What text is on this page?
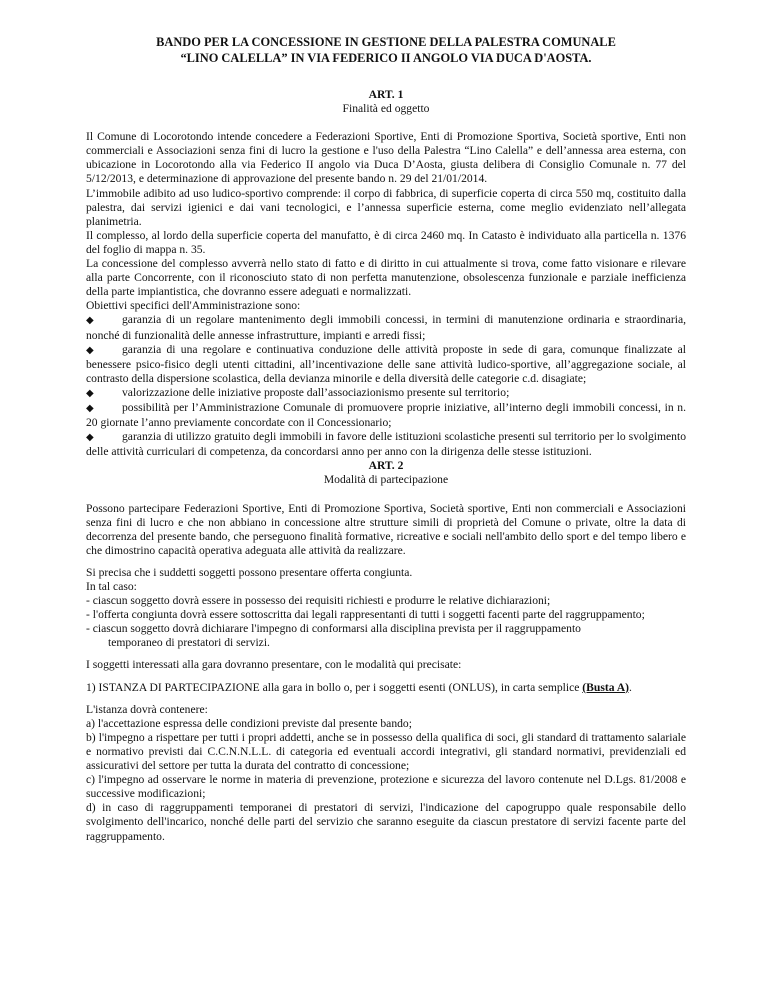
BANDO PER LA CONCESSIONE IN GESTIONE DELLA PALESTRA COMUNALE

“LINO CALELLA” IN VIA FEDERICO II ANGOLO VIA DUCA D'AOSTA.

ART. 1

Finalità ed oggetto

Il Comune di Locorotondo intende concedere a Federazioni Sportive, Enti di Promozione Sportiva, Società sportive, Enti non commerciali e Associazioni senza fini di lucro la gestione e l'uso della Palestra “Lino Calella” e dell’annessa area esterna, con ubicazione in Locorotondo alla via Federico II angolo via Duca D’Aosta, giusta delibera di Consiglio Comunale n. 77 del 5/12/2013, e determinazione di approvazione del presente bando n. 29 del 21/01/2014.

L’immobile adibito ad uso ludico-sportivo comprende: il corpo di fabbrica, di superficie coperta di circa 550 mq, costituito dalla palestra, dai servizi igienici e dai vani tecnologici, e l’annessa superficie esterna, come meglio evidenziato nell’allegata planimetria.

Il complesso, al lordo della superficie coperta del manufatto, è di circa 2460 mq. In Catasto è individuato alla particella n. 1376 del foglio di mappa n. 35.

La concessione del complesso avverrà nello stato di fatto e di diritto in cui attualmente si trova, come fatto visionare e rilevare alla parte Concorrente, con il riconosciuto stato di non perfetta manutenzione, obsolescenza funzionale e parziale inefficienza della parte impiantistica, che dovranno essere adeguati e normalizzati.

Obiettivi specifici dell'Amministrazione sono:

◆ garanzia di un regolare mantenimento degli immobili concessi, in termini di manutenzione ordinaria e straordinaria, nonché di funzionalità delle annesse infrastrutture, impianti e arredi fissi;

◆ garanzia di una regolare e continuativa conduzione delle attività proposte in sede di gara, comunque finalizzate al benessere psico-fisico degli utenti cittadini, all’incentivazione delle sane attività ludico-sportive, all’aggregazione sociale, al contrasto della dispersione scolastica, della devianza minorile e della diversità delle categorie c.d. disagiate;

◆ valorizzazione delle iniziative proposte dall’associazionismo presente sul territorio;

◆ possibilità per l’Amministrazione Comunale di promuovere proprie iniziative, all’interno degli immobili concessi, in n. 20 giornate l’anno previamente concordate con il Concessionario;

◆ garanzia di utilizzo gratuito degli immobili in favore delle istituzioni scolastiche presenti sul territorio per lo svolgimento delle attività curriculari di competenza, da concordarsi anno per anno con la dirigenza delle stesse istituzioni.

ART. 2

Modalità di partecipazione

Possono partecipare Federazioni Sportive, Enti di Promozione Sportiva, Società sportive, Enti non commerciali e Associazioni senza fini di lucro e che non abbiano in concessione altre strutture simili di proprietà del Comune o private, oltre la data di decorrenza del presente bando, che perseguono finalità formative, ricreative e sociali nell'ambito dello sport e del tempo libero e che dimostrino capacità operativa adeguata alle attività da realizzare.

Si precisa che i suddetti soggetti possono presentare offerta congiunta.

In tal caso:

- ciascun soggetto dovrà essere in possesso dei requisiti richiesti e produrre le relative dichiarazioni;

- l'offerta congiunta dovrà essere sottoscritta dai legali rappresentanti di tutti i soggetti facenti parte del raggruppamento;

- ciascun soggetto dovrà dichiarare l'impegno di conformarsi alla disciplina prevista per il raggruppamento

temporaneo di prestatori di servizi.

I soggetti interessati alla gara dovranno presentare, con le modalità qui precisate:

1) ISTANZA DI PARTECIPAZIONE alla gara in bollo o, per i soggetti esenti (ONLUS), in carta semplice (Busta A).

L'istanza dovrà contenere:

a) l'accettazione espressa delle condizioni previste dal presente bando;

b) l'impegno a rispettare per tutti i propri addetti, anche se in possesso della qualifica di soci, gli standard di trattamento salariale e normativo previsti dai C.C.N.N.L.L. di categoria ed eventuali accordi integrativi, gli standard normativi, previdenziali ed assicurativi del settore per tutta la durata del contratto di concessione;

c) l'impegno ad osservare le norme in materia di prevenzione, protezione e sicurezza del lavoro contenute nel D.Lgs. 81/2008 e successive modificazioni;

d) in caso di raggruppamenti temporanei di prestatori di servizi, l'indicazione del capogruppo quale responsabile dello svolgimento dell'incarico, nonché delle parti del servizio che saranno eseguite da ciascun prestatore di servizi facente parte del raggruppamento.
